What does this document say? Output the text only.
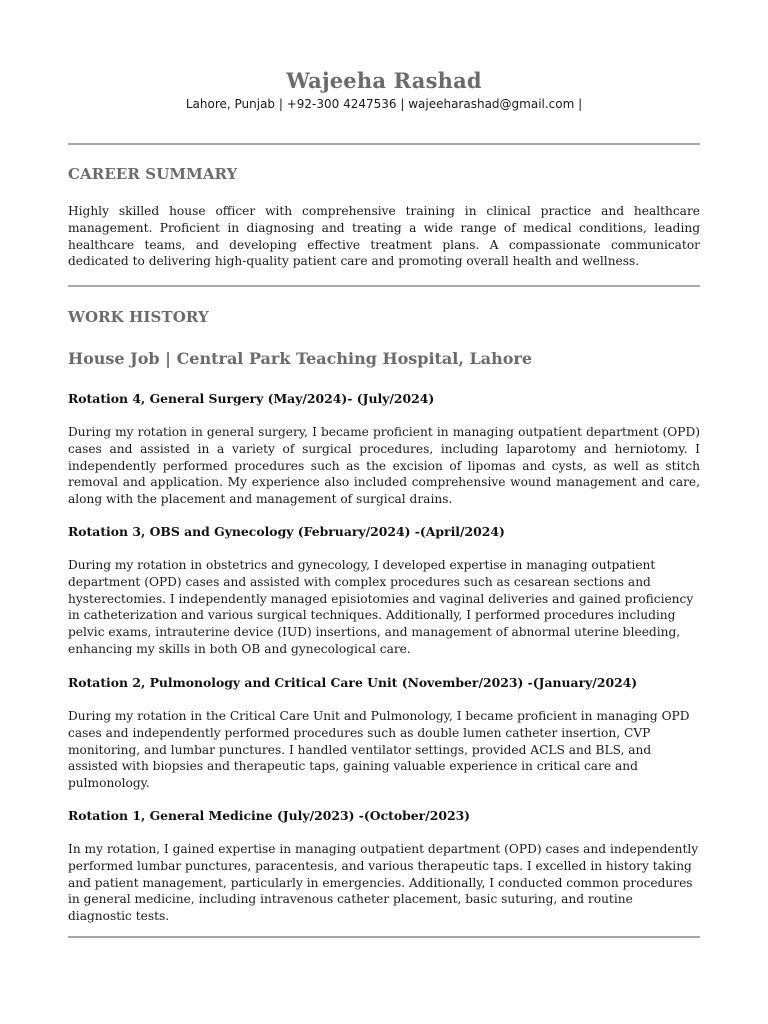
Wajeeha Rashad
Lahore, Punjab | +92-300 4247536 | wajeeharashad@gmail.com |
CAREER SUMMARY
Highly skilled house officer with comprehensive training in clinical practice and healthcare management. Proficient in diagnosing and treating a wide range of medical conditions, leading healthcare teams, and developing effective treatment plans. A compassionate communicator dedicated to delivering high-quality patient care and promoting overall health and wellness.
WORK HISTORY
House Job | Central Park Teaching Hospital, Lahore
Rotation 4, General Surgery (May/2024)- (July/2024)
During my rotation in general surgery, I became proficient in managing outpatient department (OPD) cases and assisted in a variety of surgical procedures, including laparotomy and herniotomy. I independently performed procedures such as the excision of lipomas and cysts, as well as stitch removal and application. My experience also included comprehensive wound management and care, along with the placement and management of surgical drains.
Rotation 3, OBS and Gynecology (February/2024) -(April/2024)
During my rotation in obstetrics and gynecology, I developed expertise in managing outpatient department (OPD) cases and assisted with complex procedures such as cesarean sections and hysterectomies. I independently managed episiotomies and vaginal deliveries and gained proficiency in catheterization and various surgical techniques. Additionally, I performed procedures including pelvic exams, intrauterine device (IUD) insertions, and management of abnormal uterine bleeding, enhancing my skills in both OB and gynecological care.
Rotation 2, Pulmonology and Critical Care Unit (November/2023) -(January/2024)
During my rotation in the Critical Care Unit and Pulmonology, I became proficient in managing OPD cases and independently performed procedures such as double lumen catheter insertion, CVP monitoring, and lumbar punctures. I handled ventilator settings, provided ACLS and BLS, and assisted with biopsies and therapeutic taps, gaining valuable experience in critical care and pulmonology.
Rotation 1, General Medicine (July/2023) -(October/2023)
In my rotation, I gained expertise in managing outpatient department (OPD) cases and independently performed lumbar punctures, paracentesis, and various therapeutic taps. I excelled in history taking and patient management, particularly in emergencies. Additionally, I conducted common procedures in general medicine, including intravenous catheter placement, basic suturing, and routine diagnostic tests.
